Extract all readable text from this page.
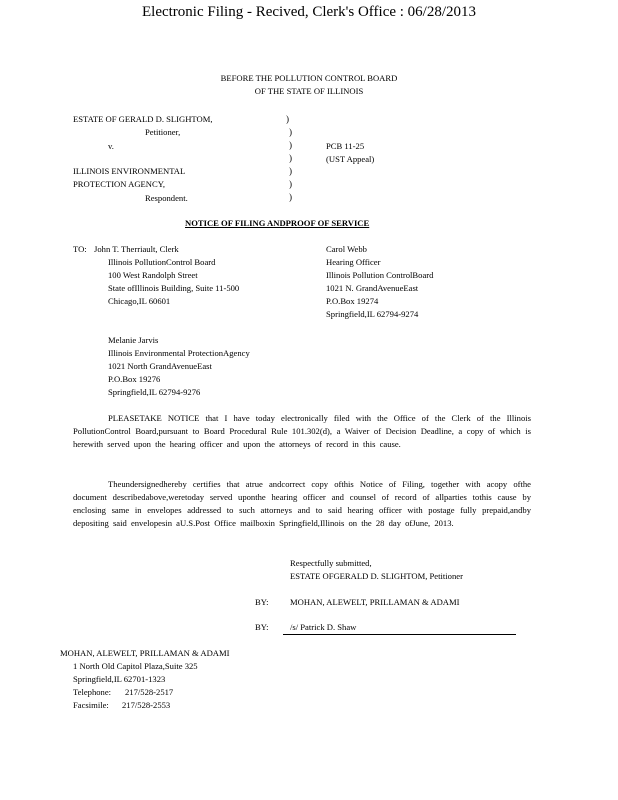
Electronic Filing - Recived, Clerk's Office : 06/28/2013
BEFORE THE POLLUTION CONTROL BOARD
OF THE STATE OF ILLINOIS
ESTATE OF GERALD D. SLIGHTOM,
Petitioner,
v.
ILLINOIS ENVIRONMENTAL
PROTECTION AGENCY,
Respondent.
)
)
)
)
)
)
)
PCB 11-25
(UST Appeal)
NOTICE OF FILING ANDPROOF OF SERVICE
TO: John T. Therriault, Clerk
Illinois PollutionControl Board
100 West Randolph Street
State ofIllinois Building, Suite 11-500
Chicago,IL 60601
Carol Webb
Hearing Officer
Illinois Pollution ControlBoard
1021 N. GrandAvenueEast
P.O.Box 19274
Springfield,IL 62794-9274
Melanie Jarvis
Illinois Environmental ProtectionAgency
1021 North GrandAvenueEast
P.O.Box 19276
Springfield,IL 62794-9276
PLEASETAKE NOTICE that I have today electronically filed with the Office of the Clerk of the Illinois PollutionControl Board,pursuant to Board Procedural Rule 101.302(d), a Waiver of Decision Deadline, a copy of which is herewith served upon the hearing officer and upon the attorneys of record in this cause.
Theundersignedhereby certifies that atrue andcorrect copy ofthis Notice of Filing, together with acopy ofthe document describedabove,weretoday served uponthe hearing officer and counsel of record of allparties tothis cause by enclosing same in envelopes addressed to such attorneys and to said hearing officer with postage fully prepaid,andby depositing said envelopesin aU.S.Post Office mailboxin Springfield,Illinois on the 28 day ofJune, 2013.
Respectfully submitted,
ESTATE OFGERALD D. SLIGHTOM, Petitioner
BY: MOHAN, ALEWELT, PRILLAMAN & ADAMI
BY:	/s/ Patrick D. Shaw
MOHAN, ALEWELT, PRILLAMAN & ADAMI
1 North Old Capitol Plaza,Suite 325
Springfield,IL 62701-1323
Telephone: 217/528-2517
Facsimile: 217/528-2553
